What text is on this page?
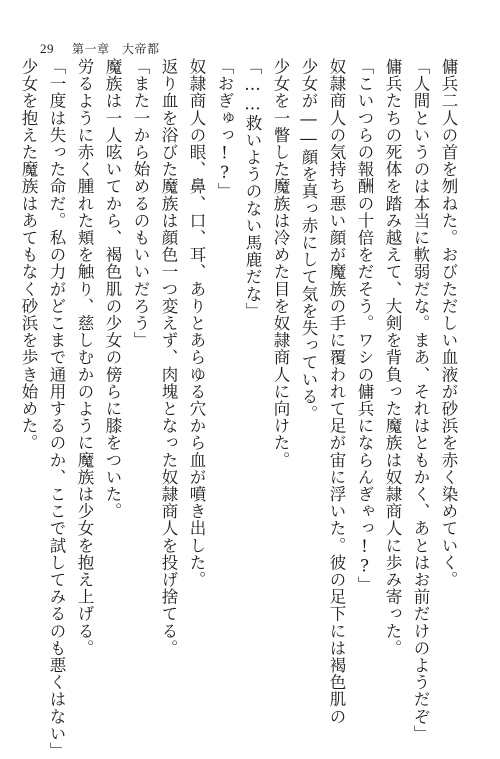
29 第一章　大帝都
傭兵二人の首を刎ねた。おびただしい血液が砂浜を赤く染めていく。
「人間というのは本当に軟弱だな。まあ、それはともかく、あとはお前だけのようだぞ」
傭兵たちの死体を踏み越えて、大剣を背負った魔族は奴隷商人に歩み寄った。
「こいつらの報酬の十倍をだそう。ワシの傭兵にならんぎゃっ!?」
奴隷商人の気持ち悪い顔が魔族の手に覆われて足が宙に浮いた。彼の足下には褐色肌の
少女が――顔を真っ赤にして気を失っている。
少女を一瞥した魔族は冷めた目を奴隷商人に向けた。
「……救いようのない馬鹿だな」
「おぎゅっ!?」
奴隷商人の眼、鼻、口、耳、ありとあらゆる穴から血が噴き出した。
返り血を浴びた魔族は顔色一つ変えず、肉塊となった奴隷商人を投げ捨てる。
「また一から始めるのもいいだろう」
魔族は一人呟いてから、褐色肌の少女の傍らに膝をついた。
労るように赤く腫れた頬を触り、慈しむかのように魔族は少女を抱え上げる。
「一度は失った命だ。私の力がどこまで通用するのか、ここで試してみるのも悪くはない」
少女を抱えた魔族はあてもなく砂浜を歩き始めた。
